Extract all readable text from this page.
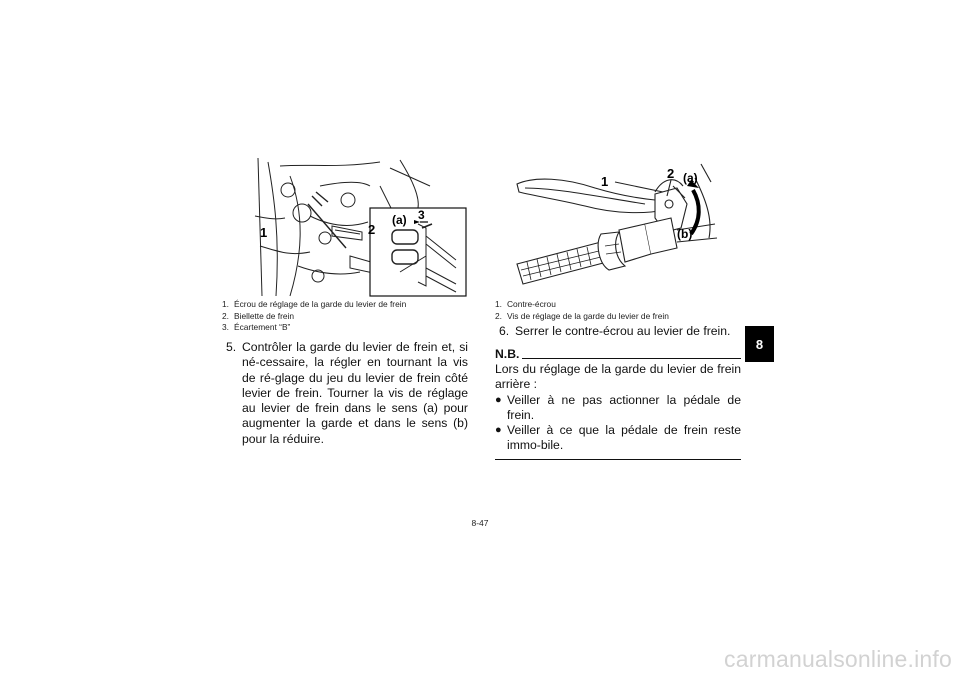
1	2
(a) 3
1. Écrou de réglage de la garde du levier de frein
2. Biellette de frein
3. Écartement “B”
5. Contrôler la garde du levier de frein et, si né-cessaire, la régler en tournant la vis de ré-glage du jeu du levier de frein côté levier de frein. Tourner la vis de réglage au levier de frein dans le sens (a) pour augmenter la garde et dans le sens (b) pour la réduire.
1
2 (a)
(b)
1. Contre-écrou
2. Vis de réglage de la garde du levier de frein
6. Serrer le contre-écrou au levier de frein.
N.B.
Lors du réglage de la garde du levier de frein arrière :
● Veiller à ne pas actionner la pédale de frein.
● Veiller à ce que la pédale de frein reste immo-bile.
8
8-47
carmanualsonline.info
